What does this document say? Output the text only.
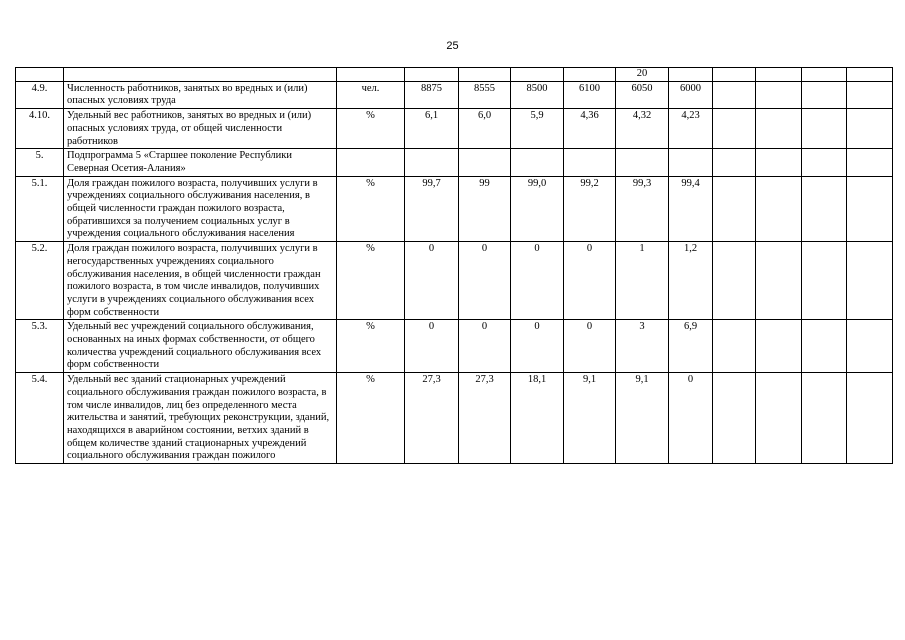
25
							20					
4.9.	Численность работников, занятых во вредных и (или) опасных условиях труда	чел.	8875	8555	8500	6100	6050	6000				
4.10.	Удельный вес работников, занятых во вредных и (или) опасных условиях труда, от общей численности работников	%	6,1	6,0	5,9	4,36	4,32	4,23				
5.	Подпрограмма 5 «Старшее поколение Республики Северная Осетия-Алания»											
5.1.	Доля граждан пожилого возраста, получивших услуги в учреждениях социального обслуживания населения, в общей численности граждан пожилого возраста, обратившихся за получением социальных услуг в учреждения социального обслуживания населения	%	99,7	99	99,0	99,2	99,3	99,4				
5.2.	Доля граждан пожилого возраста, получивших услуги в негосударственных учреждениях социального обслуживания населения, в общей численности граждан пожилого возраста, в том числе инвалидов, получивших услуги в учреждениях социального обслуживания всех форм собственности	%	0	0	0	0	1	1,2				
5.3.	Удельный вес учреждений социального обслуживания, основанных на иных формах собственности, от общего количества учреждений социального обслуживания всех форм собственности	%	0	0	0	0	3	6,9				
5.4.	Удельный вес зданий стационарных учреждений социального обслуживания граждан пожилого возраста, в том числе инвалидов, лиц без определенного места жительства и занятий, требующих реконструкции, зданий, находящихся в аварийном состоянии, ветхих зданий в общем количестве зданий стационарных учреждений социального обслуживания граждан пожилого	%	27,3	27,3	18,1	9,1	9,1	0				
